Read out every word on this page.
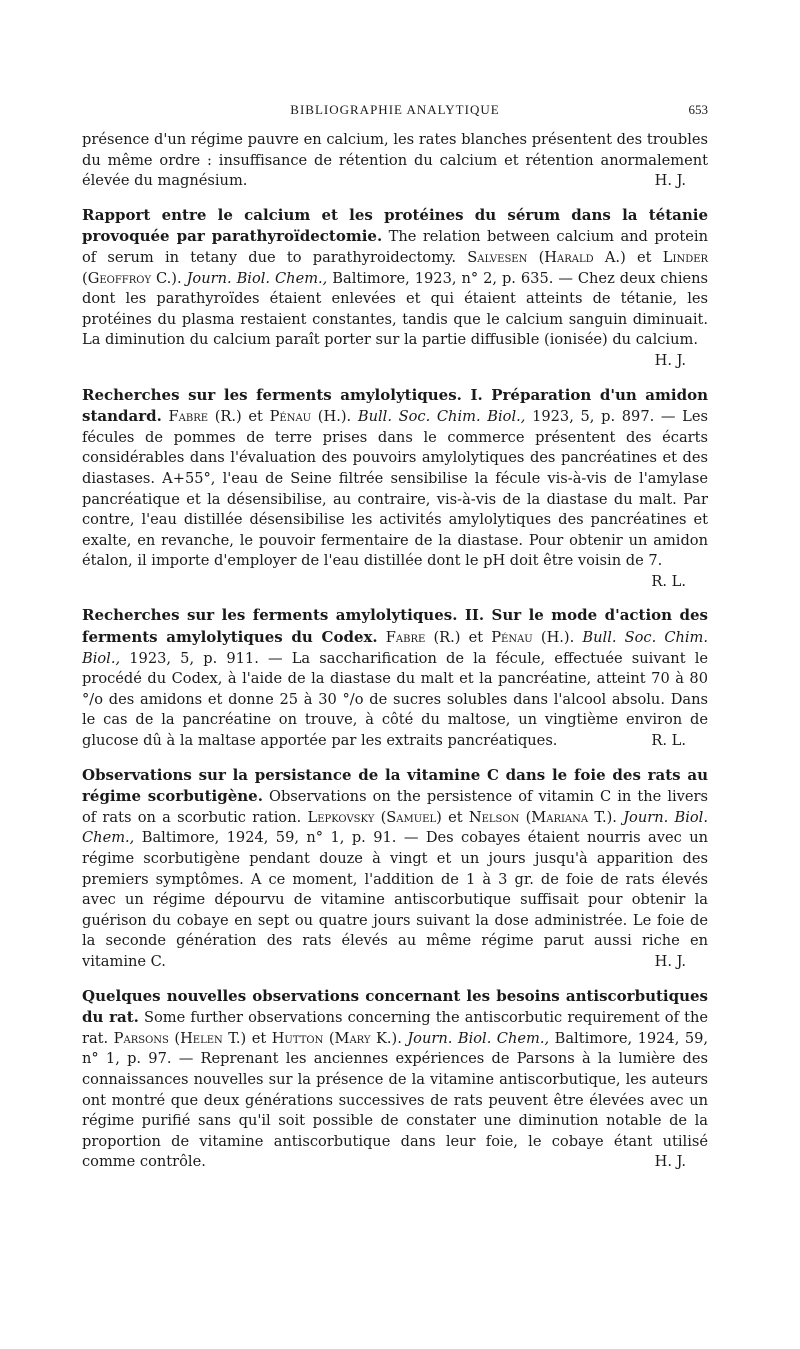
BIBLIOGRAPHIE ANALYTIQUE	653

présence d'un régime pauvre en calcium, les rates blanches présentent des troubles du même ordre : insuffisance de rétention du calcium et rétention anormalement élevée du magnésium.	H. J.

Rapport entre le calcium et les protéines du sérum dans la tétanie provoquée par parathyroïdectomie. The relation between calcium and protein of serum in tetany due to parathyroidectomy. Salvesen (Harald A.) et Linder (Geoffroy C.). Journ. Biol. Chem., Baltimore, 1923, n° 2, p. 635. — Chez deux chiens dont les parathyroïdes étaient enlevées et qui étaient atteints de tétanie, les protéines du plasma restaient constantes, tandis que le calcium sanguin diminuait. La diminution du calcium paraît porter sur la partie diffusible (ionisée) du calcium.
H. J.

Recherches sur les ferments amylolytiques. I. Préparation d'un amidon standard. Fabre (R.) et Pénau (H.). Bull. Soc. Chim. Biol., 1923, 5, p. 897. — Les fécules de pommes de terre prises dans le commerce présentent des écarts considérables dans l'évaluation des pouvoirs amylolytiques des pancréatines et des diastases. A+55°, l'eau de Seine filtrée sensibilise la fécule vis-à-vis de l'amylase pancréatique et la désensibilise, au contraire, vis-à-vis de la diastase du malt. Par contre, l'eau distillée désensibilise les activités amylolytiques des pancréatines et exalte, en revanche, le pouvoir fermentaire de la diastase. Pour obtenir un amidon étalon, il importe d'employer de l'eau distillée dont le pH doit être voisin de 7.
R. L.

Recherches sur les ferments amylolytiques. II. Sur le mode d'action des ferments amylolytiques du Codex. Fabre (R.) et Pénau (H.). Bull. Soc. Chim. Biol., 1923, 5, p. 911. — La saccharification de la fécule, effectuée suivant le procédé du Codex, à l'aide de la diastase du malt et la pancréatine, atteint 70 à 80 °/o des amidons et donne 25 à 30 °/o de sucres solubles dans l'alcool absolu. Dans le cas de la pancréatine on trouve, à côté du maltose, un vingtième environ de glucose dû à la maltase apportée par les extraits pancréatiques.	R. L.

Observations sur la persistance de la vitamine C dans le foie des rats au régime scorbutigène. Observations on the persistence of vitamin C in the livers of rats on a scorbutic ration. Lepkovsky (Samuel) et Nelson (Mariana T.). Journ. Biol. Chem., Baltimore, 1924, 59, n° 1, p. 91. — Des cobayes étaient nourris avec un régime scorbutigène pendant douze à vingt et un jours jusqu'à apparition des premiers symptômes. A ce moment, l'addition de 1 à 3 gr. de foie de rats élevés avec un régime dépourvu de vitamine antiscorbutique suffisait pour obtenir la guérison du cobaye en sept ou quatre jours suivant la dose administrée. Le foie de la seconde génération des rats élevés au même régime parut aussi riche en vitamine C.	H. J.

Quelques nouvelles observations concernant les besoins antiscorbutiques du rat. Some further observations concerning the antiscorbutic requirement of the rat. Parsons (Helen T.) et Hutton (Mary K.). Journ. Biol. Chem., Baltimore, 1924, 59, n° 1, p. 97. — Reprenant les anciennes expériences de Parsons à la lumière des connaissances nouvelles sur la présence de la vitamine antiscorbutique, les auteurs ont montré que deux générations successives de rats peuvent être élevées avec un régime purifié sans qu'il soit possible de constater une diminution notable de la proportion de vitamine antiscorbutique dans leur foie, le cobaye étant utilisé comme contrôle.	H. J.
